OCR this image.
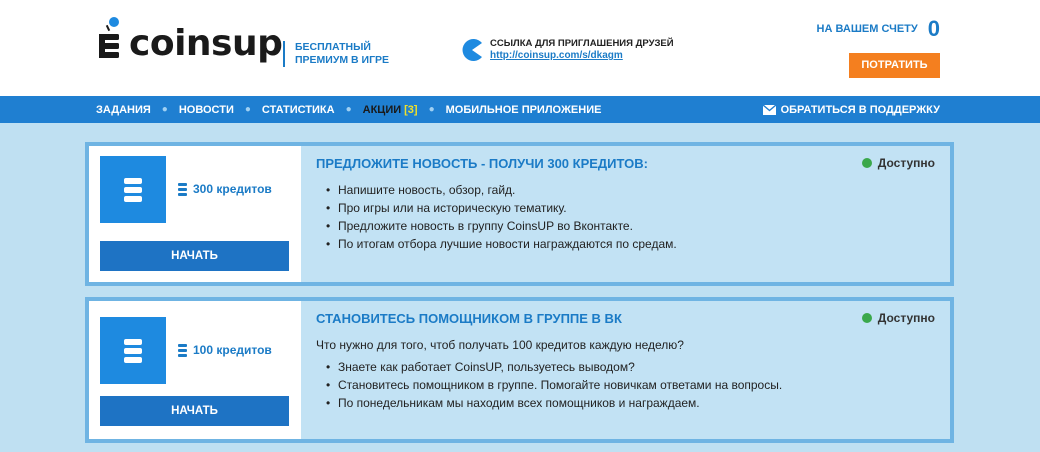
coinsup БЕСПЛАТНЫЙ
ПРЕМИУМ В ИГРЕ
ССЫЛКА ДЛЯ ПРИГЛАШЕНИЯ ДРУЗЕЙ
http://coinsup.com/s/dkagm
НА ВАШЕМ СЧЕТУ 0
ПОТРАТИТЬ
ЗАДАНИЯ ● НОВОСТИ ● СТАТИСТИКА ● АКЦИИ [3] ● МОБИЛЬНОЕ ПРИЛОЖЕНИЕ	ОБРАТИТЬСЯ В ПОДДЕРЖКУ
300 кредитов
НАЧАТЬ
ПРЕДЛОЖИТЕ НОВОСТЬ - ПОЛУЧИ 300 КРЕДИТОВ:	Доступно
• Напишите новость, обзор, гайд.
• Про игры или на историческую тематику.
• Предложите новость в группу CoinsUP во Вконтакте.
• По итогам отбора лучшие новости награждаются по средам.
100 кредитов
НАЧАТЬ
СТАНОВИТЕСЬ ПОМОЩНИКОМ В ГРУППЕ В ВК	Доступно
Что нужно для того, чтоб получать 100 кредитов каждую неделю?
• Знаете как работает CoinsUP, пользуетесь выводом?
• Становитесь помощником в группе. Помогайте новичкам ответами на вопросы.
• По понедельникам мы находим всех помощников и награждаем.
